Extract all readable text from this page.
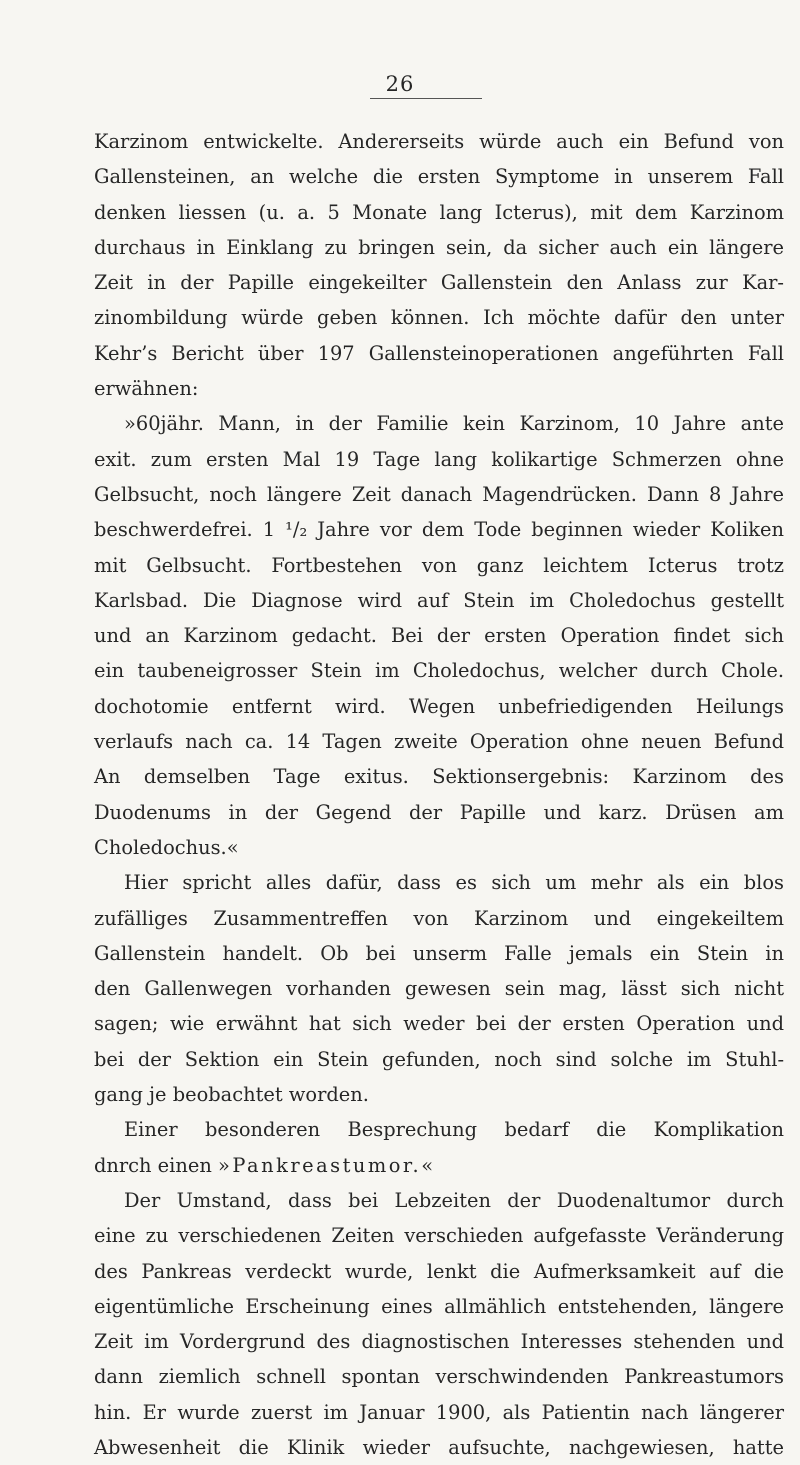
26
Karzinom entwickelte. Andererseits würde auch ein Befund von
Gallensteinen, an welche die ersten Symptome in unserem Fall
denken liessen (u. a. 5 Monate lang Icterus), mit dem Karzinom
durchaus in Einklang zu bringen sein, da sicher auch ein längere
Zeit in der Papille eingekeilter Gallenstein den Anlass zur Kar-
zinombildung würde geben können. Ich möchte dafür den unter
Kehr’s Bericht über 197 Gallensteinoperationen angeführten Fall
erwähnen:
»60jähr. Mann, in der Familie kein Karzinom, 10 Jahre ante
exit. zum ersten Mal 19 Tage lang kolikartige Schmerzen ohne
Gelbsucht, noch längere Zeit danach Magendrücken. Dann 8 Jahre
beschwerdefrei. 1 ¹/₂ Jahre vor dem Tode beginnen wieder Koliken
mit Gelbsucht. Fortbestehen von ganz leichtem Icterus trotz
Karlsbad. Die Diagnose wird auf Stein im Choledochus gestellt
und an Karzinom gedacht. Bei der ersten Operation findet sich
ein taubeneigrosser Stein im Choledochus, welcher durch Chole.
dochotomie entfernt wird. Wegen unbefriedigenden Heilungs
verlaufs nach ca. 14 Tagen zweite Operation ohne neuen Befund
An demselben Tage exitus. Sektionsergebnis: Karzinom des
Duodenums in der Gegend der Papille und karz. Drüsen am
Choledochus.«
Hier spricht alles dafür, dass es sich um mehr als ein blos
zufälliges Zusammentreffen von Karzinom und eingekeiltem
Gallenstein handelt. Ob bei unserm Falle jemals ein Stein in
den Gallenwegen vorhanden gewesen sein mag, lässt sich nicht
sagen; wie erwähnt hat sich weder bei der ersten Operation und
bei der Sektion ein Stein gefunden, noch sind solche im Stuhl-
gang je beobachtet worden.
Einer besonderen Besprechung bedarf die Komplikation
dnrch einen »Pankreastumor.«
Der Umstand, dass bei Lebzeiten der Duodenaltumor durch
eine zu verschiedenen Zeiten verschieden aufgefasste Veränderung
des Pankreas verdeckt wurde, lenkt die Aufmerksamkeit auf die
eigentümliche Erscheinung eines allmählich entstehenden, längere
Zeit im Vordergrund des diagnostischen Interesses stehenden und
dann ziemlich schnell spontan verschwindenden Pankreastumors
hin. Er wurde zuerst im Januar 1900, als Patientin nach längerer
Abwesenheit die Klinik wieder aufsuchte, nachgewiesen, hatte
